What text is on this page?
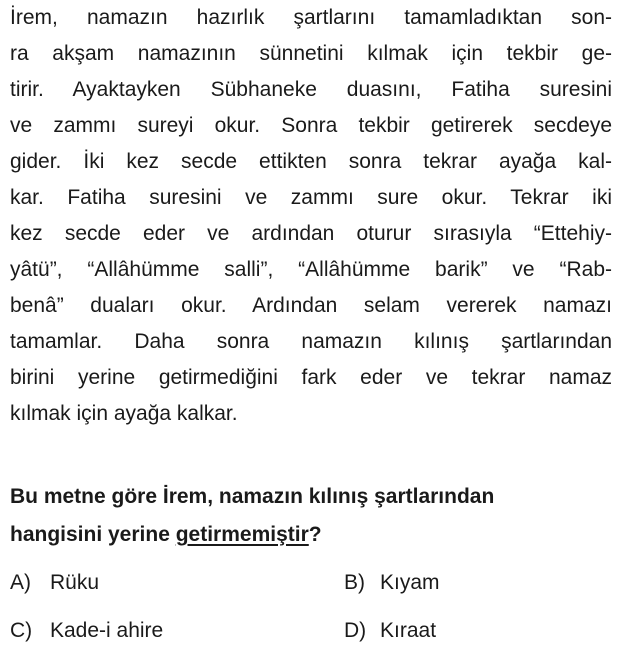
İrem, namazın hazırlık şartlarını tamamladıktan son-
ra akşam namazının sünnetini kılmak için tekbir ge-
tirir. Ayaktayken Sübhaneke duasını, Fatiha suresini
ve zammı sureyi okur. Sonra tekbir getirerek secdeye
gider. İki kez secde ettikten sonra tekrar ayağa kal-
kar. Fatiha suresini ve zammı sure okur. Tekrar iki
kez secde eder ve ardından oturur sırasıyla “Ettehiy-
yâtü”, “Allâhümme salli”, “Allâhümme barik” ve “Rab-
benâ” duaları okur. Ardından selam vererek namazı
tamamlar. Daha sonra namazın kılınış şartlarından
birini yerine getirmediğini fark eder ve tekrar namaz
kılmak için ayağa kalkar.
Bu metne göre İrem, namazın kılınış şartlarından
hangisini yerine getirmemiştir?
A) Rüku	B) Kıyam
C) Kade-i ahire	D) Kıraat
